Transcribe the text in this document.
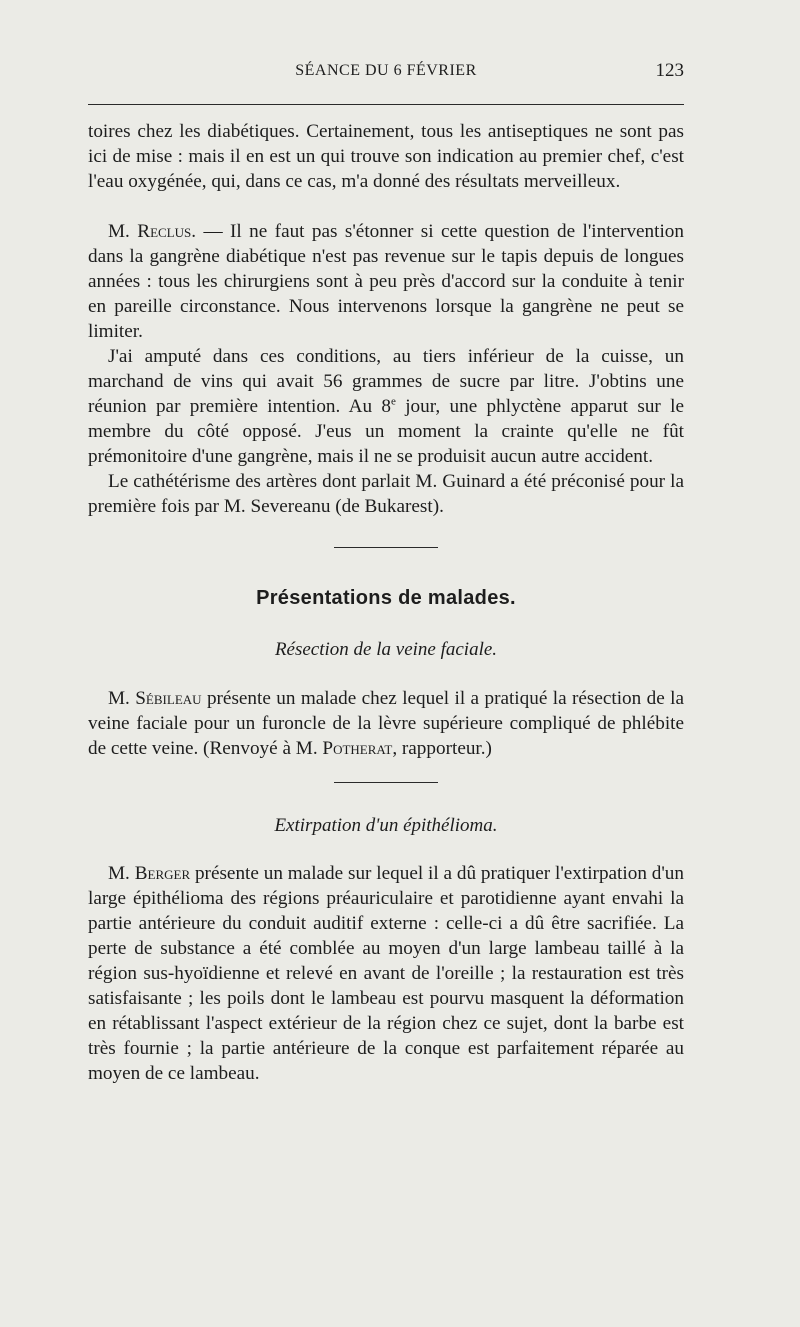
SÉANCE DU 6 FÉVRIER	123

toires chez les diabétiques. Certainement, tous les antiseptiques ne sont pas ici de mise : mais il en est un qui trouve son indication au premier chef, c'est l'eau oxygénée, qui, dans ce cas, m'a donné des résultats merveilleux.

M. Reclus. — Il ne faut pas s'étonner si cette question de l'intervention dans la gangrène diabétique n'est pas revenue sur le tapis depuis de longues années : tous les chirurgiens sont à peu près d'accord sur la conduite à tenir en pareille circonstance. Nous intervenons lorsque la gangrène ne peut se limiter.

J'ai amputé dans ces conditions, au tiers inférieur de la cuisse, un marchand de vins qui avait 56 grammes de sucre par litre. J'obtins une réunion par première intention. Au 8e jour, une phlyctène apparut sur le membre du côté opposé. J'eus un moment la crainte qu'elle ne fût prémonitoire d'une gangrène, mais il ne se produisit aucun autre accident.

Le cathétérisme des artères dont parlait M. Guinard a été préconisé pour la première fois par M. Severeanu (de Bukarest).

Présentations de malades.
Résection de la veine faciale.

M. Sébileau présente un malade chez lequel il a pratiqué la résection de la veine faciale pour un furoncle de la lèvre supérieure compliqué de phlébite de cette veine. (Renvoyé à M. Potherat, rapporteur.)

Extirpation d'un épithélioma.

M. Berger présente un malade sur lequel il a dû pratiquer l'extirpation d'un large épithélioma des régions préauriculaire et parotidienne ayant envahi la partie antérieure du conduit auditif externe : celle-ci a dû être sacrifiée. La perte de substance a été comblée au moyen d'un large lambeau taillé à la région sus-hyoïdienne et relevé en avant de l'oreille ; la restauration est très satisfaisante ; les poils dont le lambeau est pourvu masquent la déformation en rétablissant l'aspect extérieur de la région chez ce sujet, dont la barbe est très fournie ; la partie antérieure de la conque est parfaitement réparée au moyen de ce lambeau.
